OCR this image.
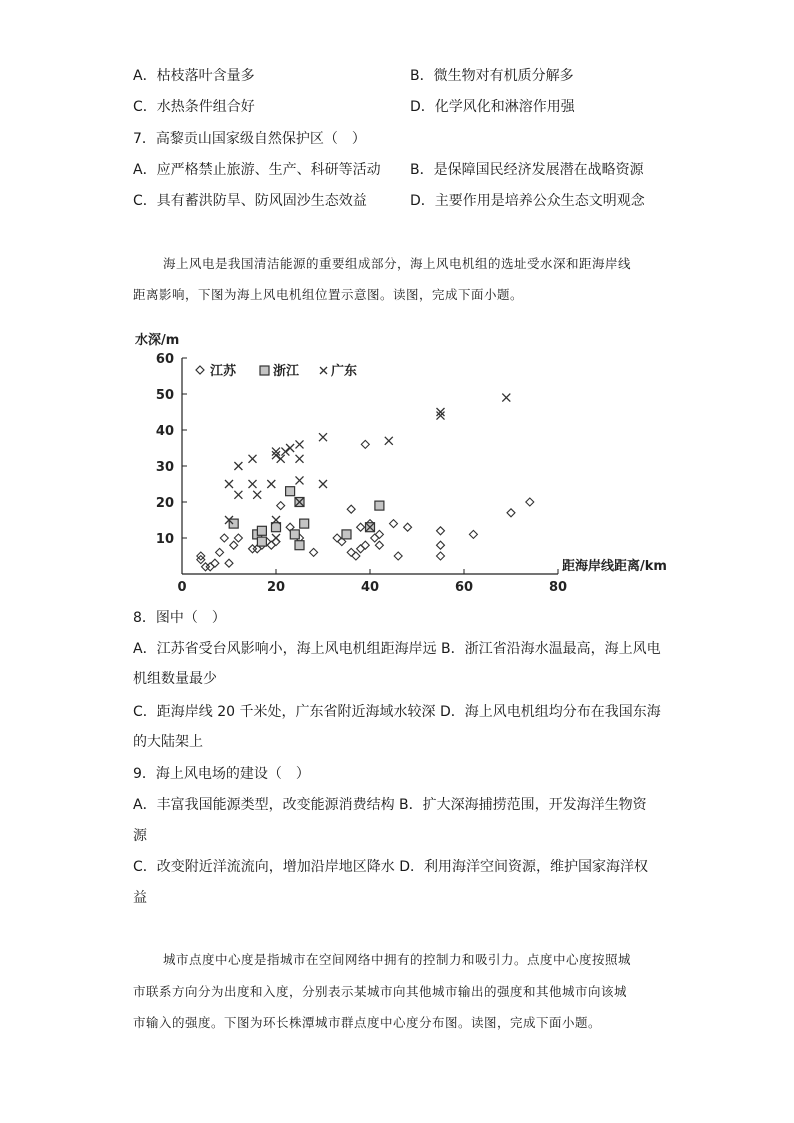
A．枯枝落叶含量多	B．微生物对有机质分解多
C．水热条件组合好	D．化学风化和淋溶作用强
7．高黎贡山国家级自然保护区（　）
A．应严格禁止旅游、生产、科研等活动 B．是保障国民经济发展潜在战略资源
C．具有蓄洪防旱、防风固沙生态效益	D．主要作用是培养公众生态文明观念
海上风电是我国清洁能源的重要组成部分，海上风电机组的选址受水深和距海岸线
距离影响，下图为海上风电机组位置示意图。读图，完成下面小题。
水深/m
距海岸线距离/km
10
20
30
40
50
60
0	20	40	60	80
江苏	浙江 广东
8．图中（　）
A．江苏省受台风影响小，海上风电机组距海岸远 B．浙江省沿海水温最高，海上风电
机组数量最少
C．距海岸线 20 千米处，广东省附近海域水较深 D．海上风电机组均分布在我国东海
的大陆架上
9．海上风电场的建设（　）
A．丰富我国能源类型，改变能源消费结构 B．扩大深海捕捞范围，开发海洋生物资
源
C．改变附近洋流流向，增加沿岸地区降水 D．利用海洋空间资源，维护国家海洋权
益
城市点度中心度是指城市在空间网络中拥有的控制力和吸引力。点度中心度按照城
市联系方向分为出度和入度，分别表示某城市向其他城市输出的强度和其他城市向该城
市输入的强度。下图为环长株潭城市群点度中心度分布图。读图，完成下面小题。
